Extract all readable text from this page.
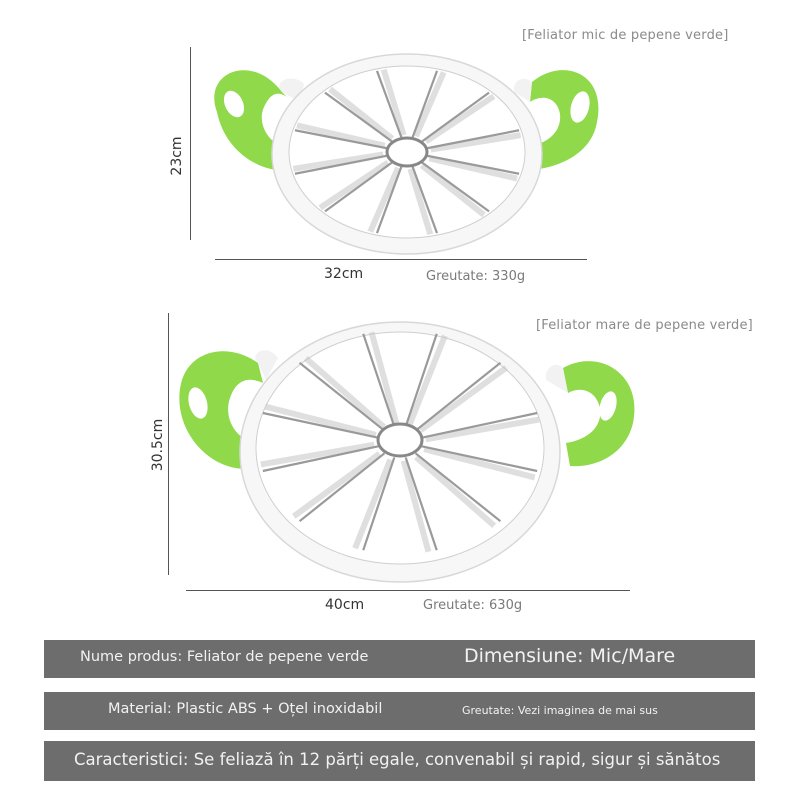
[Feliator mic de pepene verde]
23cm
32cm	Greutate: 330g
[Feliator mare de pepene verde]
30.5cm
40cm	Greutate: 630g
Nume produs: Feliator de pepene verde	Dimensiune: Mic/Mare
Material: Plastic ABS + Oțel inoxidabil	Greutate: Vezi imaginea de mai sus
Caracteristici: Se feliază în 12 părți egale, convenabil și rapid, sigur și sănătos
